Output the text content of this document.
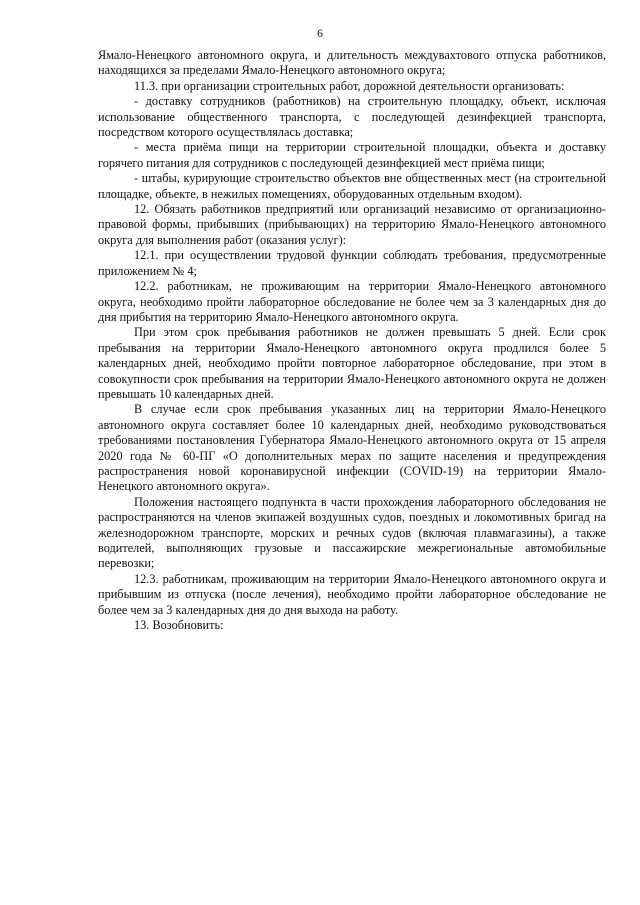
6

Ямало-Ненецкого автономного округа, и длительность междувахтового отпуска работников, находящихся за пределами Ямало-Ненецкого автономного округа;

11.3. при организации строительных работ, дорожной деятельности организовать:

- доставку сотрудников (работников) на строительную площадку, объект, исключая использование общественного транспорта, с последующей дезинфекцией транспорта, посредством которого осуществлялась доставка;

- места приёма пищи на территории строительной площадки, объекта и доставку горячего питания для сотрудников с последующей дезинфекцией мест приёма пищи;

- штабы, курирующие строительство объектов вне общественных мест (на строительной площадке, объекте, в нежилых помещениях, оборудованных отдельным входом).

12. Обязать работников предприятий или организаций независимо от организационно-правовой формы, прибывших (прибывающих) на территорию Ямало-Ненецкого автономного округа для выполнения работ (оказания услуг):

12.1. при осуществлении трудовой функции соблюдать требования, предусмотренные приложением № 4;

12.2. работникам, не проживающим на территории Ямало-Ненецкого автономного округа, необходимо пройти лабораторное обследование не более чем за 3 календарных дня до дня прибытия на территорию Ямало-Ненецкого автономного округа.

При этом срок пребывания работников не должен превышать 5 дней. Если срок пребывания на территории Ямало-Ненецкого автономного округа продлился более 5 календарных дней, необходимо пройти повторное лабораторное обследование, при этом в совокупности срок пребывания на территории Ямало-Ненецкого автономного округа не должен превышать 10 календарных дней.

В случае если срок пребывания указанных лиц на территории Ямало-Ненецкого автономного округа составляет более 10 календарных дней, необходимо руководствоваться требованиями постановления Губернатора Ямало-Ненецкого автономного округа от 15 апреля 2020 года № 60-ПГ «О дополнительных мерах по защите населения и предупреждения распространения новой коронавирусной инфекции (COVID-19) на территории Ямало-Ненецкого автономного округа».

Положения настоящего подпункта в части прохождения лабораторного обследования не распространяются на членов экипажей воздушных судов, поездных и локомотивных бригад на железнодорожном транспорте, морских и речных судов (включая плавмагазины), а также водителей, выполняющих грузовые и пассажирские межрегиональные автомобильные перевозки;

12.3. работникам, проживающим на территории Ямало-Ненецкого автономного округа и прибывшим из отпуска (после лечения), необходимо пройти лабораторное обследование не более чем за 3 календарных дня до дня выхода на работу.

13. Возобновить:
